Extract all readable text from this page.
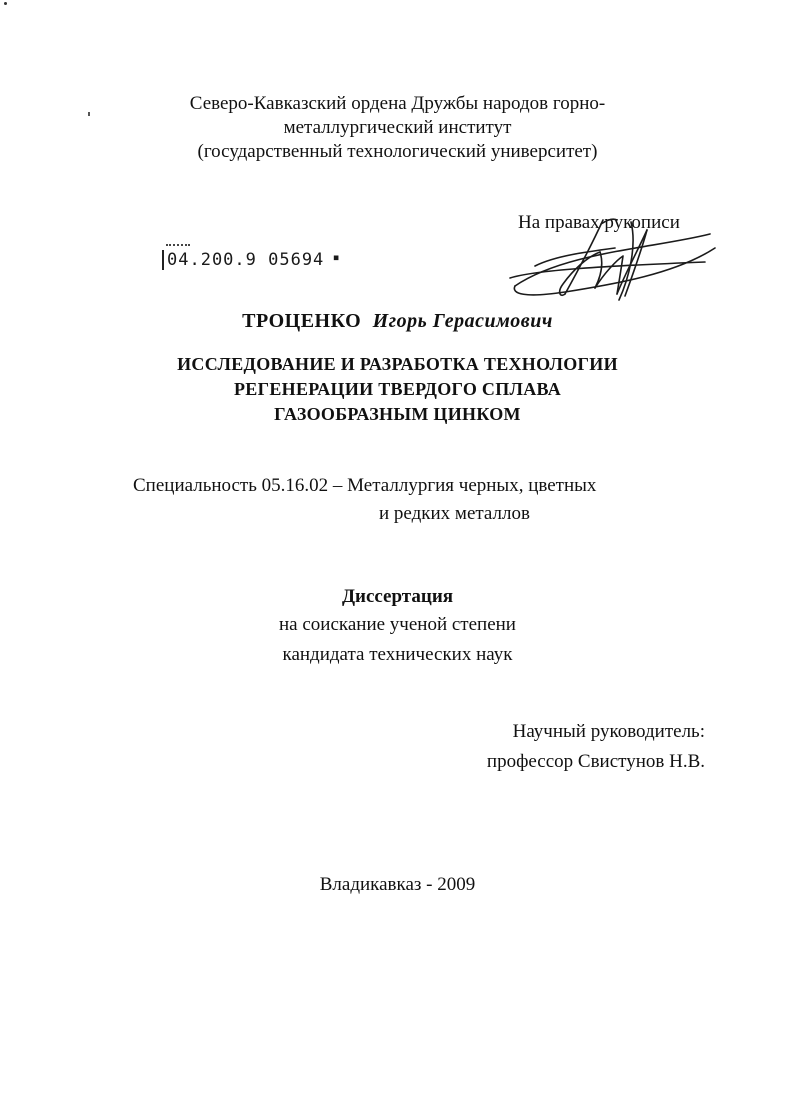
Северо-Кавказский ордена Дружбы народов горно-
металлургический институт
(государственный технологический университет)
На правах рукописи
04.200.9 05694 ▪
ТРОЦЕНКО Игорь Герасимович
ИССЛЕДОВАНИЕ И РАЗРАБОТКА ТЕХНОЛОГИИ
РЕГЕНЕРАЦИИ ТВЕРДОГО СПЛАВА
ГАЗООБРАЗНЫМ ЦИНКОМ
Специальность 05.16.02 – Металлургия черных, цветных
и редких металлов
Диссертация
на соискание ученой степени
кандидата технических наук
Научный руководитель:
профессор Свистунов Н.В.
Владикавказ - 2009
